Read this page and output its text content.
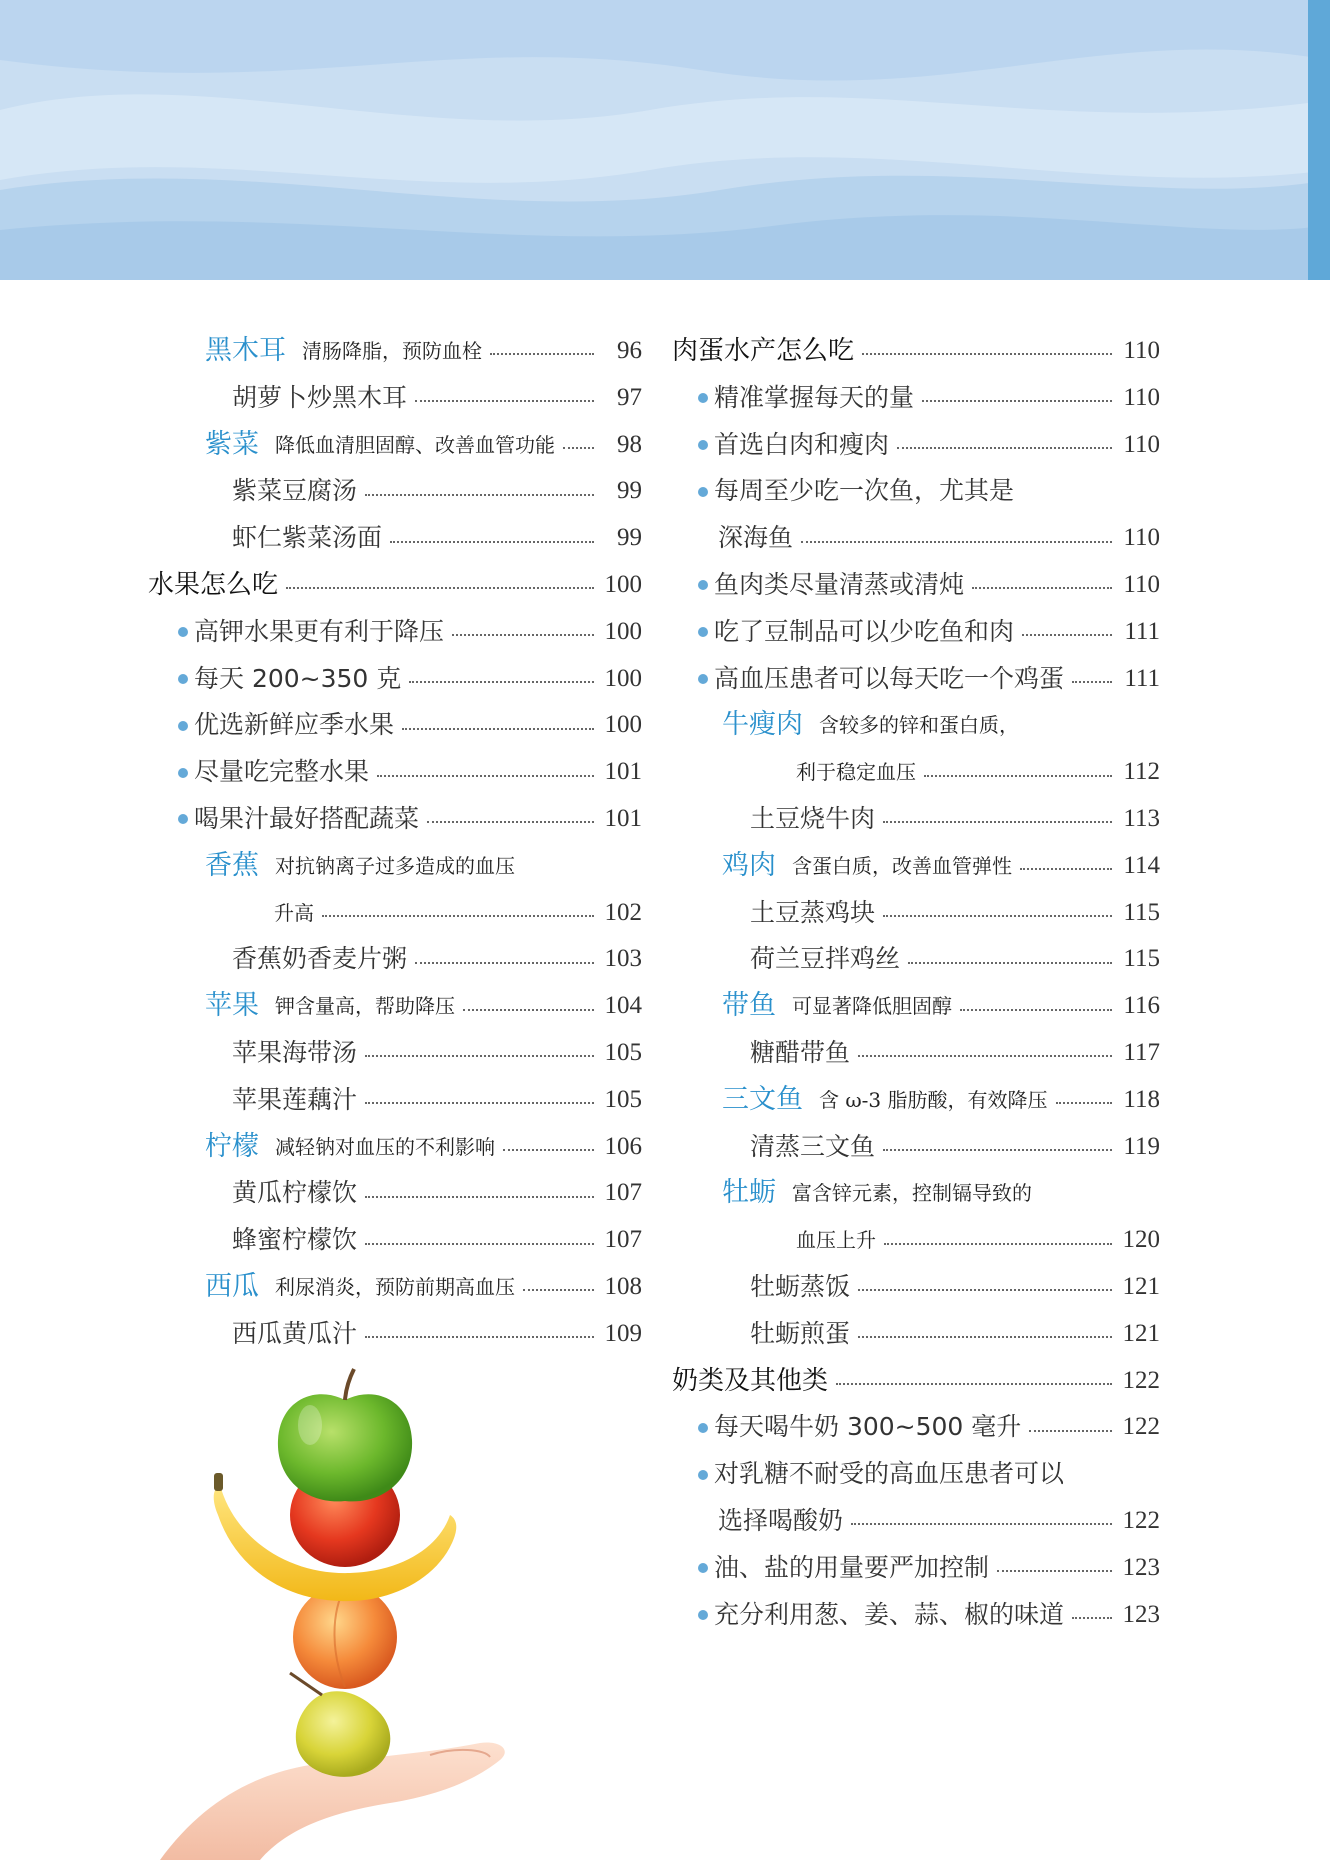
黑木耳 清肠降脂，预防血栓	96
胡萝卜炒黑木耳	97
紫菜 降低血清胆固醇、改善血管功能	98
紫菜豆腐汤	99
虾仁紫菜汤面	99
水果怎么吃	100
高钾水果更有利于降压	100
每天 200~350 克	100
优选新鲜应季水果	100
尽量吃完整水果	101
喝果汁最好搭配蔬菜	101
香蕉 对抗钠离子过多造成的血压
升高	102
香蕉奶香麦片粥	103
苹果 钾含量高，帮助降压	104
苹果海带汤	105
苹果莲藕汁	105
柠檬 减轻钠对血压的不利影响	106
黄瓜柠檬饮	107
蜂蜜柠檬饮	107
西瓜 利尿消炎，预防前期高血压	108
西瓜黄瓜汁	109
肉蛋水产怎么吃	110
精准掌握每天的量	110
首选白肉和瘦肉	110
每周至少吃一次鱼，尤其是
深海鱼	110
鱼肉类尽量清蒸或清炖	110
吃了豆制品可以少吃鱼和肉	111
高血压患者可以每天吃一个鸡蛋 111
牛瘦肉 含较多的锌和蛋白质，
利于稳定血压	112
土豆烧牛肉	113
鸡肉 含蛋白质，改善血管弹性	114
土豆蒸鸡块	115
荷兰豆拌鸡丝	115
带鱼 可显著降低胆固醇	116
糖醋带鱼	117
三文鱼 含 ω-3 脂肪酸，有效降压	118
清蒸三文鱼	119
牡蛎 富含锌元素，控制镉导致的
血压上升	120
牡蛎蒸饭	121
牡蛎煎蛋	121
奶类及其他类	122
每天喝牛奶 300~500 毫升	122
对乳糖不耐受的高血压患者可以
选择喝酸奶	122
油、盐的用量要严加控制	123
充分利用葱、姜、蒜、椒的味道 123
